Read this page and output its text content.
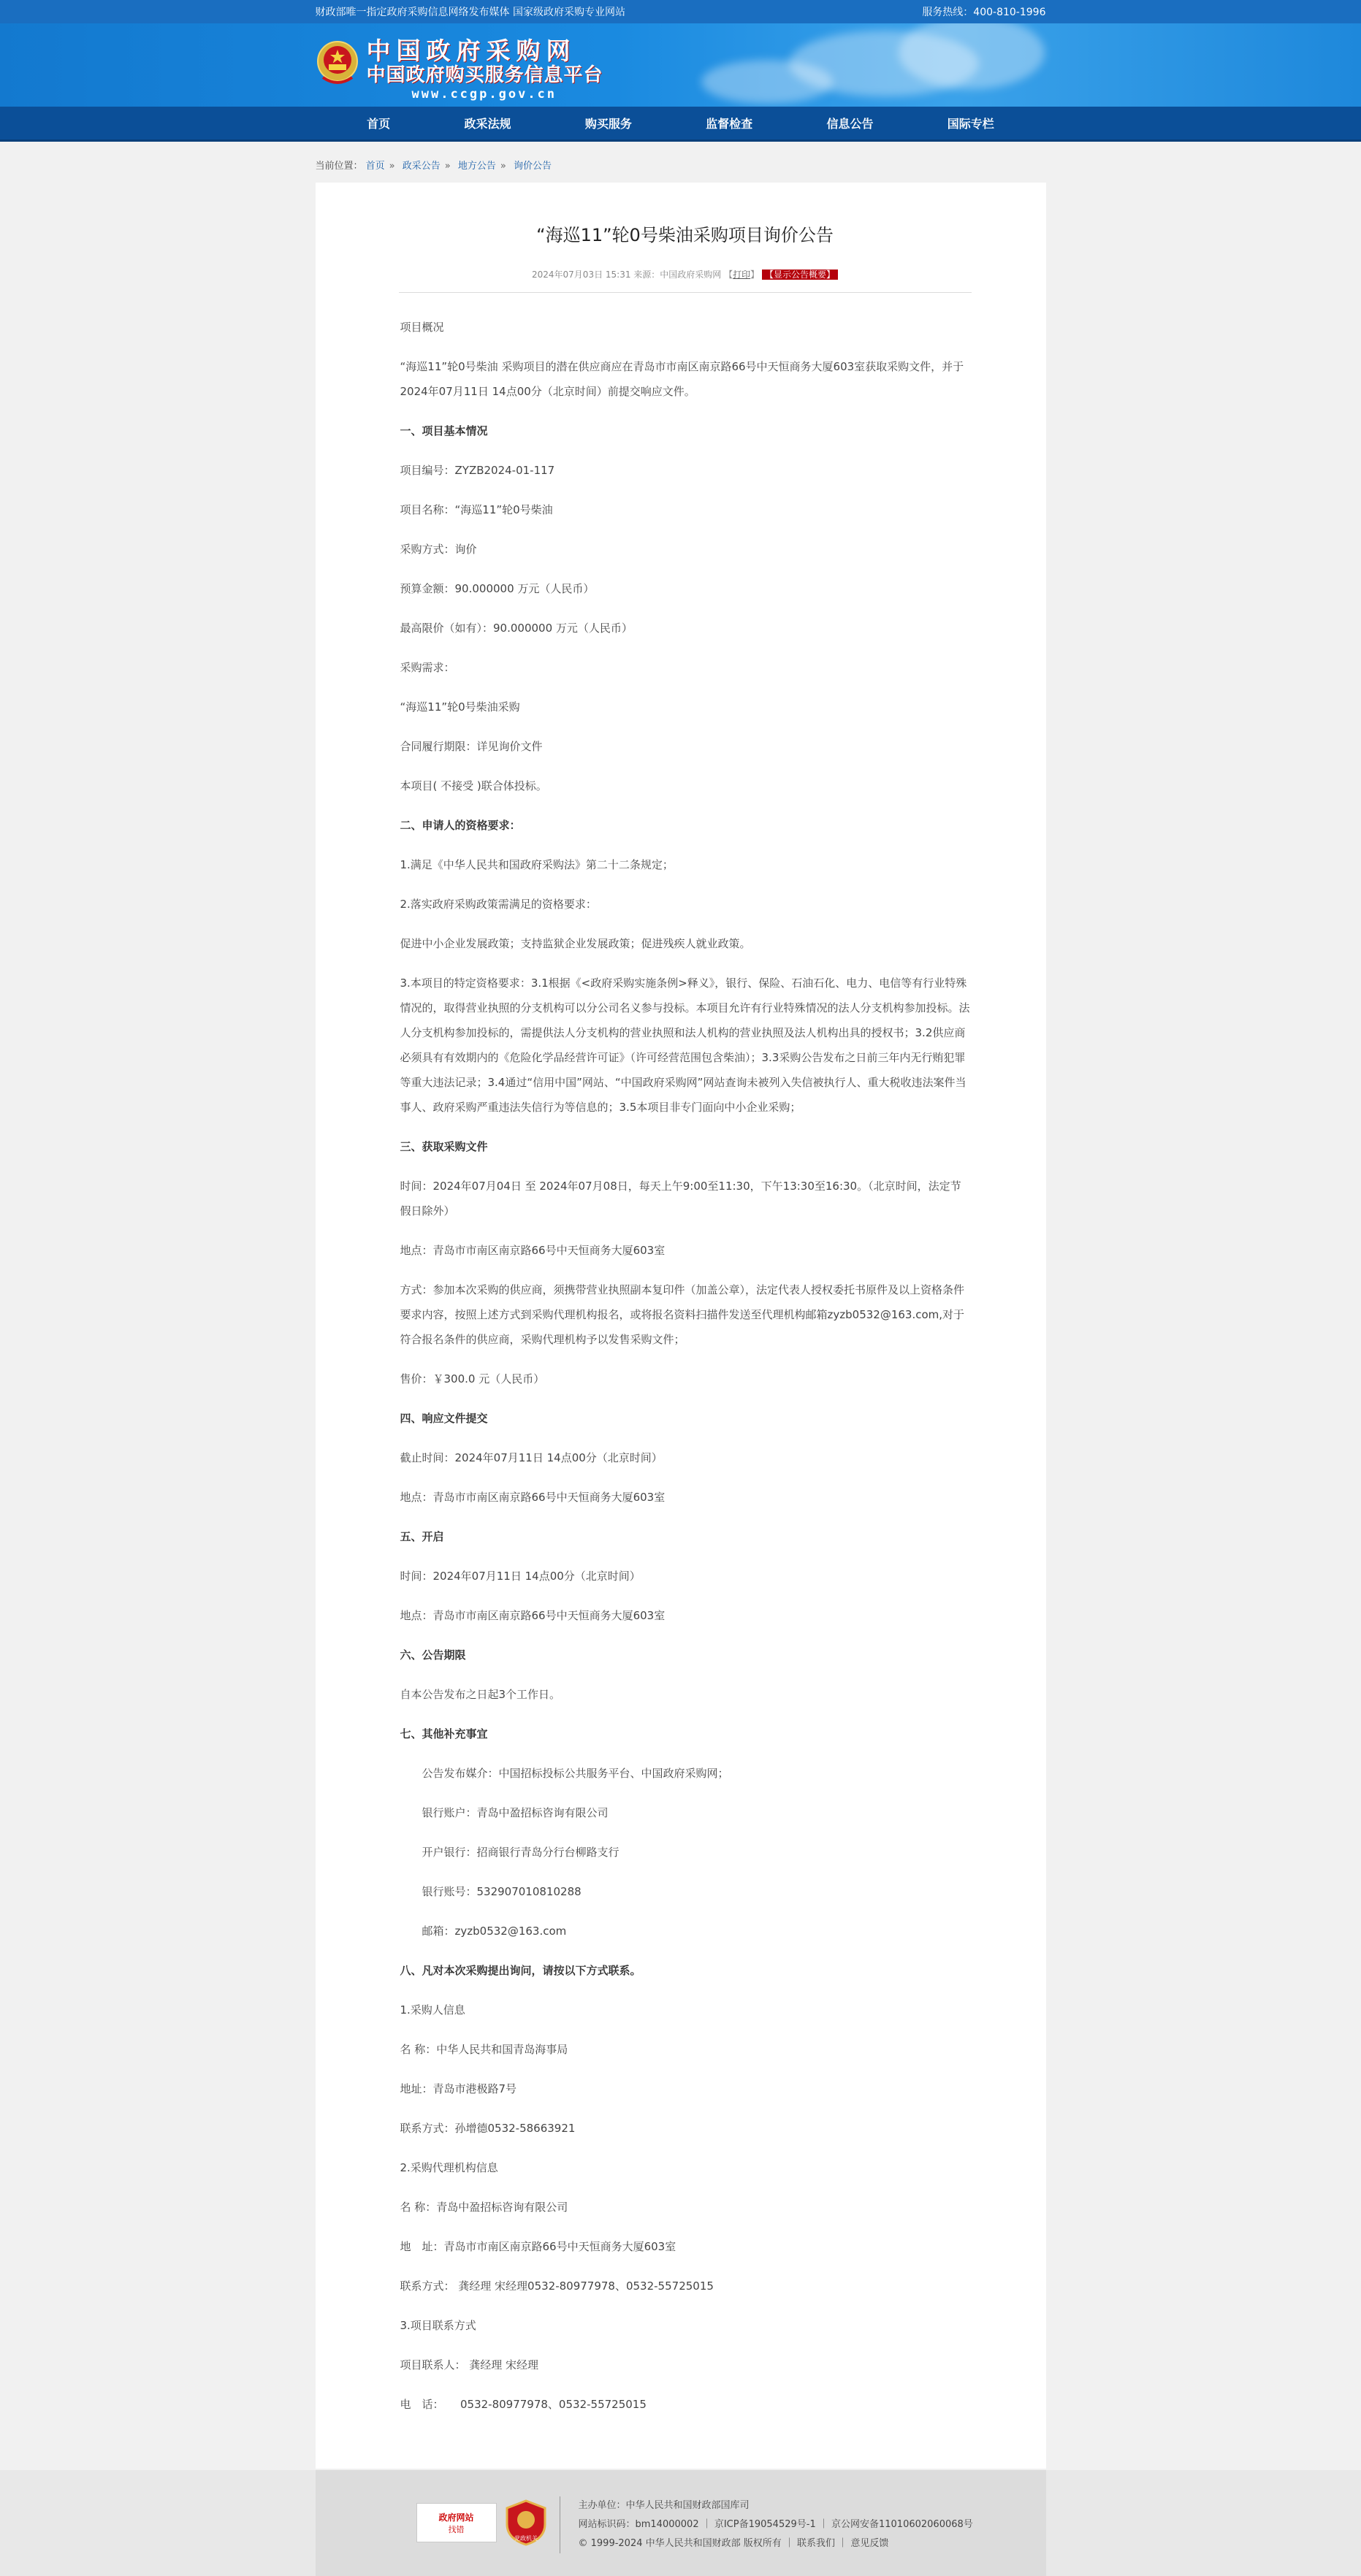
财政部唯一指定政府采购信息网络发布媒体 国家级政府采购专业网站	服务热线：400-810-1996
中国政府采购网
中国政府购买服务信息平台
www.ccgp.gov.cn
首页	政采法规	购买服务	监督检查	信息公告	国际专栏
当前位置： 首页 » 政采公告 » 地方公告 » 询价公告
“海巡11”轮0号柴油采购项目询价公告
2024年07月03日 15:31 来源：中国政府采购网 【打印】 【显示公告概要】

项目概况

“海巡11”轮0号柴油 采购项目的潜在供应商应在青岛市市南区南京路66号中天恒商务大厦603室获取采购文件，并于2024年07月11日 14点00分（北京时间）前提交响应文件。

一、项目基本情况

项目编号：ZYZB2024-01-117

项目名称：“海巡11”轮0号柴油

采购方式：询价

预算金额：90.000000 万元（人民币）

最高限价（如有）：90.000000 万元（人民币）

采购需求：

“海巡11”轮0号柴油采购

合同履行期限：详见询价文件

本项目( 不接受 )联合体投标。

二、申请人的资格要求：

1.满足《中华人民共和国政府采购法》第二十二条规定；

2.落实政府采购政策需满足的资格要求：

促进中小企业发展政策；支持监狱企业发展政策；促进残疾人就业政策。

3.本项目的特定资格要求：3.1根据《<政府采购实施条例>释义》，银行、保险、石油石化、电力、电信等有行业特殊情况的，取得营业执照的分支机构可以分公司名义参与投标。本项目允许有行业特殊情况的法人分支机构参加投标。法人分支机构参加投标的，需提供法人分支机构的营业执照和法人机构的营业执照及法人机构出具的授权书；3.2供应商必须具有有效期内的《危险化学品经营许可证》（许可经营范围包含柴油）；3.3采购公告发布之日前三年内无行贿犯罪等重大违法记录；3.4通过“信用中国”网站、“中国政府采购网”网站查询未被列入失信被执行人、重大税收违法案件当事人、政府采购严重违法失信行为等信息的；3.5本项目非专门面向中小企业采购；

三、获取采购文件

时间：2024年07月04日 至 2024年07月08日，每天上午9:00至11:30，下午13:30至16:30。（北京时间，法定节假日除外）

地点：青岛市市南区南京路66号中天恒商务大厦603室

方式：参加本次采购的供应商，须携带营业执照副本复印件（加盖公章），法定代表人授权委托书原件及以上资格条件要求内容，按照上述方式到采购代理机构报名，或将报名资料扫描件发送至代理机构邮箱zyzb0532@163.com,对于符合报名条件的供应商，采购代理机构予以发售采购文件；

售价：￥300.0 元（人民币）

四、响应文件提交

截止时间：2024年07月11日 14点00分（北京时间）

地点：青岛市市南区南京路66号中天恒商务大厦603室

五、开启

时间：2024年07月11日 14点00分（北京时间）

地点：青岛市市南区南京路66号中天恒商务大厦603室

六、公告期限

自本公告发布之日起3个工作日。

七、其他补充事宜

公告发布媒介：中国招标投标公共服务平台、中国政府采购网；

银行账户：青岛中盈招标咨询有限公司

开户银行：招商银行青岛分行台柳路支行

银行账号：532907010810288

邮箱：zyzb0532@163.com

八、凡对本次采购提出询问，请按以下方式联系。

1.采购人信息

名 称：中华人民共和国青岛海事局

地址：青岛市港极路7号

联系方式：孙增德0532-58663921

2.采购代理机构信息

名 称：青岛中盈招标咨询有限公司

地　址：青岛市市南区南京路66号中天恒商务大厦603室

联系方式： 龚经理 宋经理0532-80977978、0532-55725015

3.项目联系方式

项目联系人： 龚经理 宋经理

电　话：　　0532-80977978、0532-55725015

政府网站
找错
党政机关
主办单位：中华人民共和国财政部国库司
网站标识码：bm14000002 ｜ 京ICP备19054529号-1 ｜ 京公网安备11010602060068号
© 1999-2024 中华人民共和国财政部 版权所有 ｜ 联系我们 ｜ 意见反馈
